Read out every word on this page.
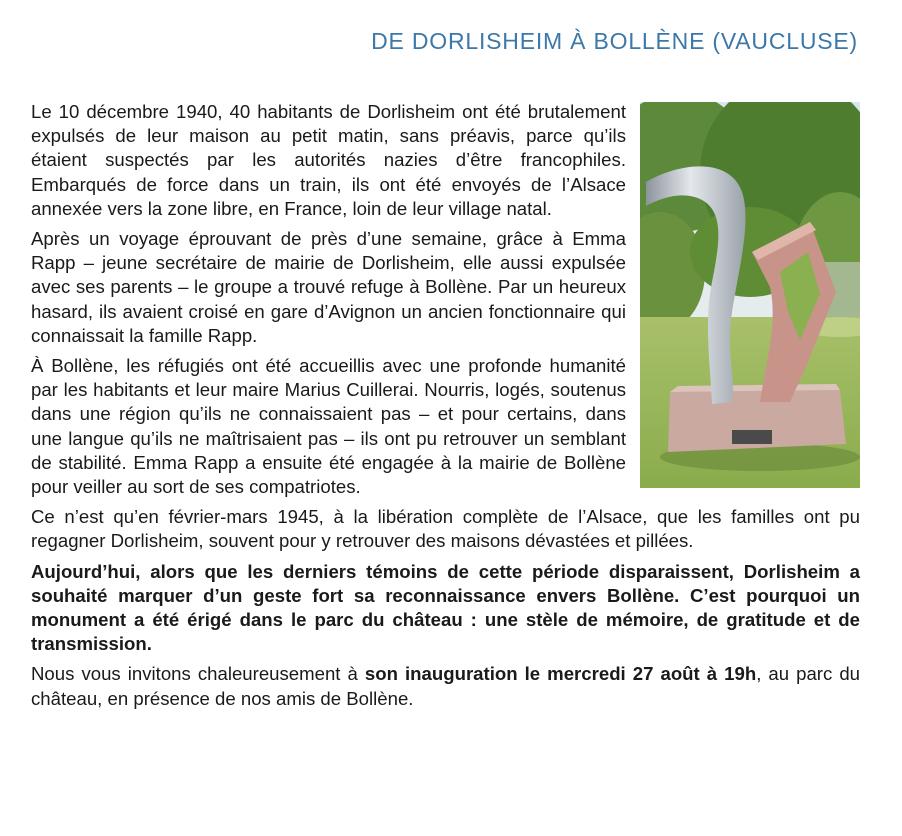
DE DORLISHEIM À BOLLÈNE (VAUCLUSE)

Le 10 décembre 1940, 40 habitants de Dorlisheim ont été brutalement expulsés de leur maison au petit matin, sans préavis, parce qu’ils étaient suspectés par les autorités nazies d’être francophiles. Embarqués de force dans un train, ils ont été envoyés de l’Alsace annexée vers la zone libre, en France, loin de leur village natal.

Après un voyage éprouvant de près d’une semaine, grâce à Emma Rapp – jeune secrétaire de mairie de Dorlisheim, elle aussi expulsée avec ses parents – le groupe a trouvé refuge à Bollène. Par un heureux hasard, ils avaient croisé en gare d’Avignon un ancien fonctionnaire qui connaissait la famille Rapp.

À Bollène, les réfugiés ont été accueillis avec une profonde humanité par les habitants et leur maire Marius Cuillerai. Nourris, logés, soutenus dans une région qu’ils ne connaissaient pas – et pour certains, dans une langue qu’ils ne maîtrisaient pas – ils ont pu retrouver un semblant de stabilité. Emma Rapp a ensuite été engagée à la mairie de Bollène pour veiller au sort de ses compatriotes.

Ce n’est qu’en février-mars 1945, à la libération complète de l’Alsace, que les familles ont pu regagner Dorlisheim, souvent pour y retrouver des maisons dévastées et pillées.

Aujourd’hui, alors que les derniers témoins de cette période disparaissent, Dorlisheim a souhaité marquer d’un geste fort sa reconnaissance envers Bollène. C’est pourquoi un monument a été érigé dans le parc du château : une stèle de mémoire, de gratitude et de transmission.

Nous vous invitons chaleureusement à son inauguration le mercredi 27 août à 19h, au parc du château, en présence de nos amis de Bollène.
